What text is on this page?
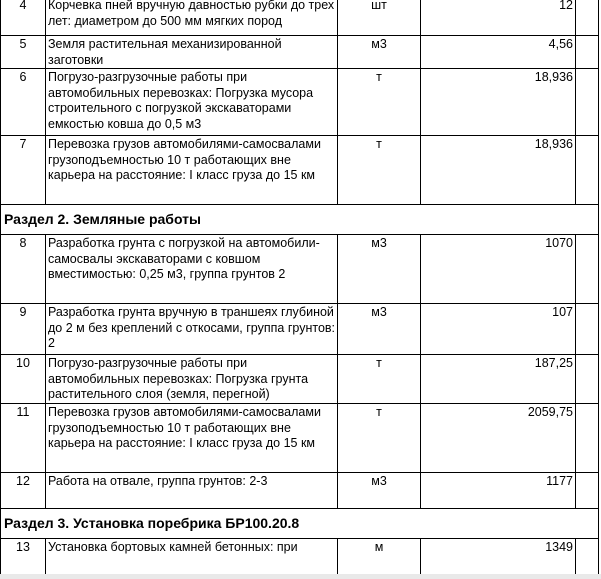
4	Корчевка пней вручную давностью рубки до трех лет: диаметром до 500 мм мягких пород	шт	12	
5	Земля растительная механизированной заготовки	м3	4,56	
6	Погрузо-разгрузочные работы при автомобильных перевозках: Погрузка мусора строительного с погрузкой экскаваторами емкостью ковша до 0,5 м3	т	18,936	
7	Перевозка грузов автомобилями-самосвалами грузоподъемностью 10 т работающих вне карьера на расстояние: I класс груза до 15 км	т	18,936	
Раздел 2. Земляные работы				
8	Разработка грунта с погрузкой на автомобили-самосвалы экскаваторами с ковшом вместимостью: 0,25 м3, группа грунтов 2	м3	1070	
9	Разработка грунта вручную в траншеях глубиной до 2 м без креплений с откосами, группа грунтов: 2	м3	107	
10	Погрузо-разгрузочные работы при автомобильных перевозках: Погрузка грунта растительного слоя (земля, перегной)	т	187,25	
11	Перевозка грузов автомобилями-самосвалами грузоподъемностью 10 т работающих вне карьера на расстояние: I класс груза до 15 км	т	2059,75	
12	Работа на отвале, группа грунтов: 2-3	м3	1177	
Раздел 3. Установка поребрика БР100.20.8				
13	Установка бортовых камней бетонных: при	м	1349	
